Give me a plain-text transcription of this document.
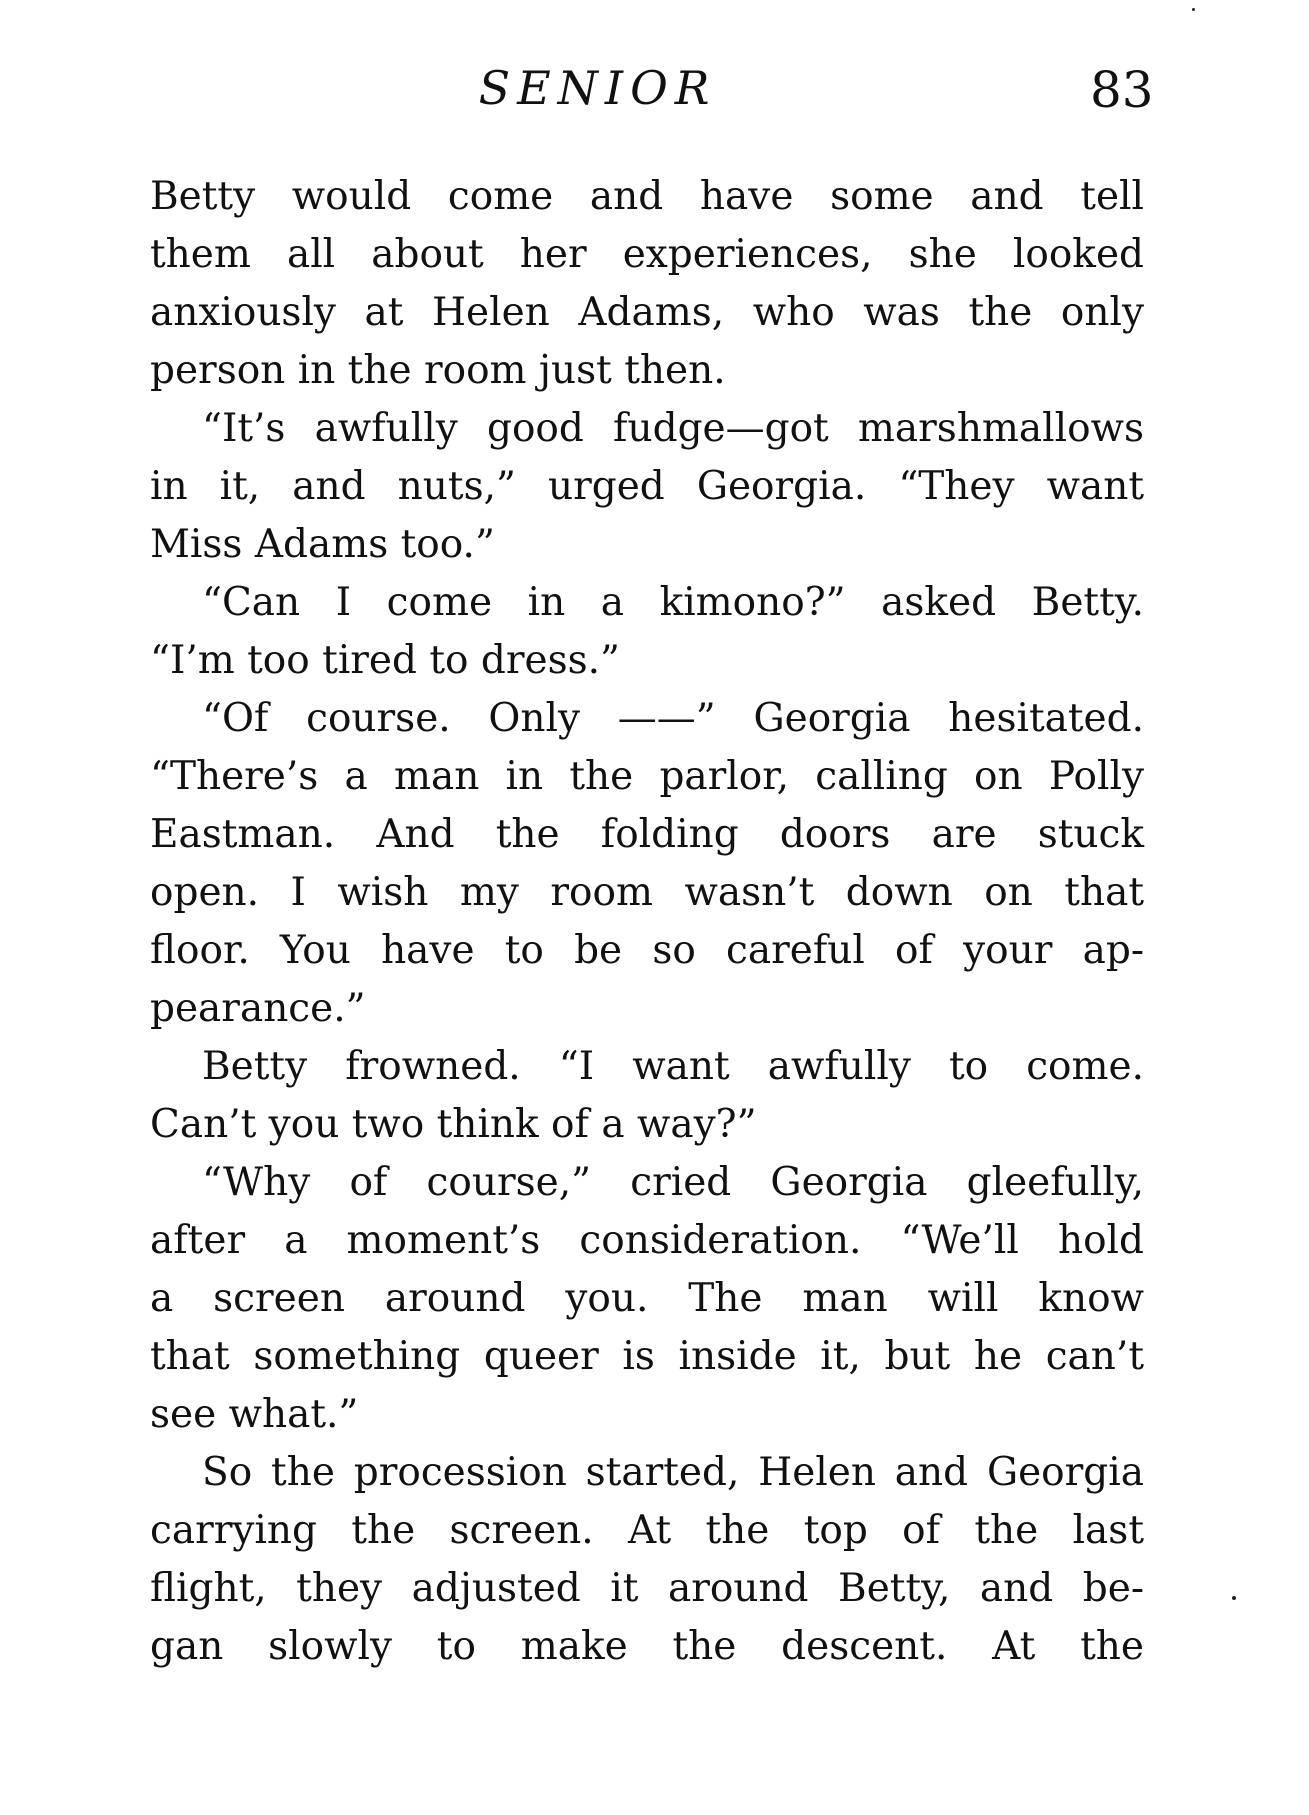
SENIOR	83
Betty would come and have some and tell
them all about her experiences, she looked
anxiously at Helen Adams, who was the only
person in the room just then.
“It’s awfully good fudge—got marshmallows
in it, and nuts,” urged Georgia. “They want
Miss Adams too.”
“Can I come in a kimono?” asked Betty.
“I’m too tired to dress.”
“Of course. Only ——” Georgia hesitated.
“There’s a man in the parlor, calling on Polly
Eastman. And the folding doors are stuck
open. I wish my room wasn’t down on that
floor. You have to be so careful of your ap-
pearance.”
Betty frowned. “I want awfully to come.
Can’t you two think of a way?”
“Why of course,” cried Georgia gleefully,
after a moment’s consideration. “We’ll hold
a screen around you. The man will know
that something queer is inside it, but he can’t
see what.”
So the procession started, Helen and Georgia
carrying the screen. At the top of the last
flight, they adjusted it around Betty, and be-
gan slowly to make the descent. At the
